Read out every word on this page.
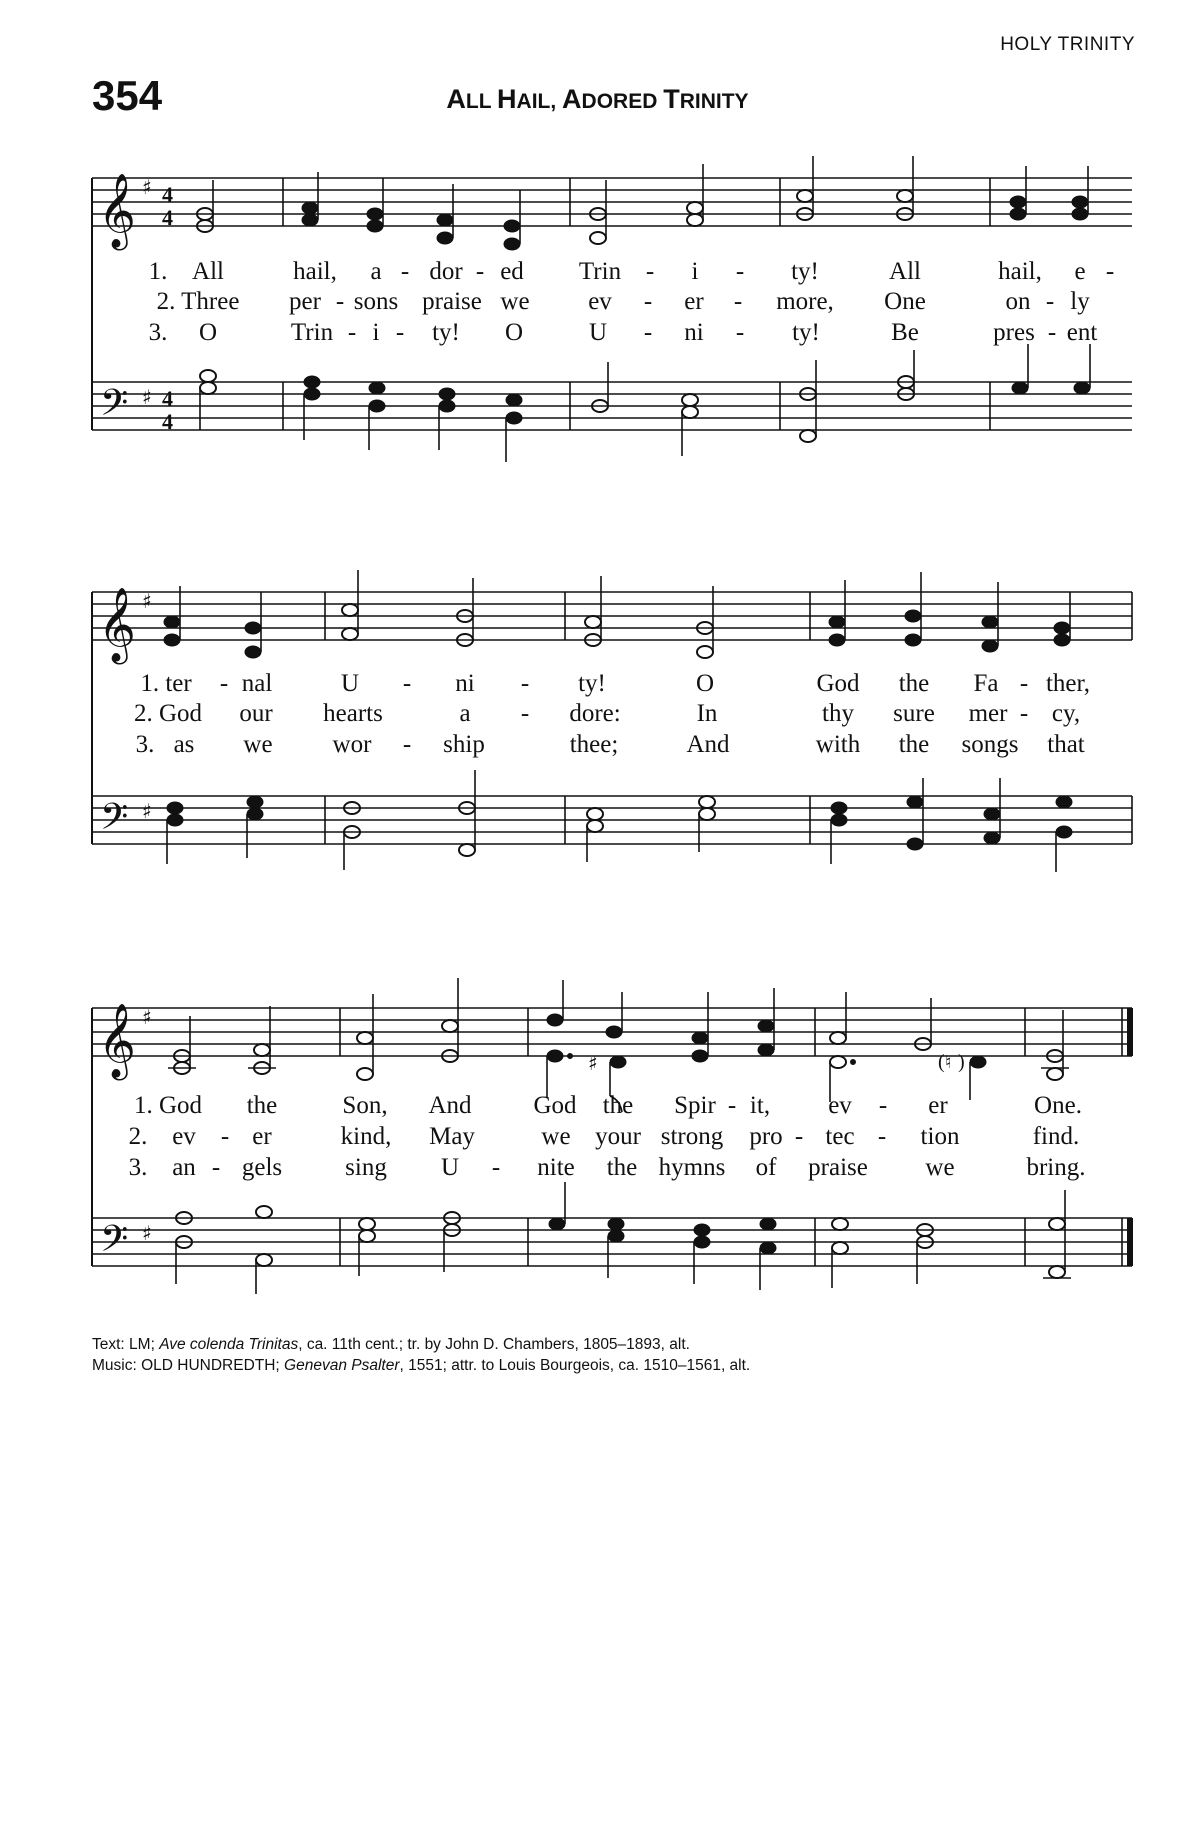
HOLY TRINITY
354	ALL HAIL, ADORED TRINITY
𝄞 ♯ 4
4
𝄢 ♯ 4
4
1. All	hail, a - dor - ed Trin - i - ty!	All	hail, e -
2. Three per - sons praise we ev - er - more, One	on - ly
3. O	Trin - i - ty! O	U - ni - ty!	Be	pres - ent
𝄞 ♯
𝄢 ♯
1. ter - nal	U - ni - ty!	O	God the Fa - ther,
2. God our hearts	a - dore:	In	thy sure mer - cy,
3. as we wor - ship	thee;	And	with the songs that
𝄞 ♯
𝄢 ♯
♯	( ♮ )
1. God the	Son, And God the Spir - it, ev - er	One.
2. ev - er	kind, May	we your strong pro - tec - tion	find.
3. an - gels	sing U - nite the hymns of praise we	bring.
Text: LM; Ave colenda Trinitas, ca. 11th cent.; tr. by John D. Chambers, 1805–1893, alt.
Music: OLD HUNDREDTH; Genevan Psalter, 1551; attr. to Louis Bourgeois, ca. 1510–1561, alt.
